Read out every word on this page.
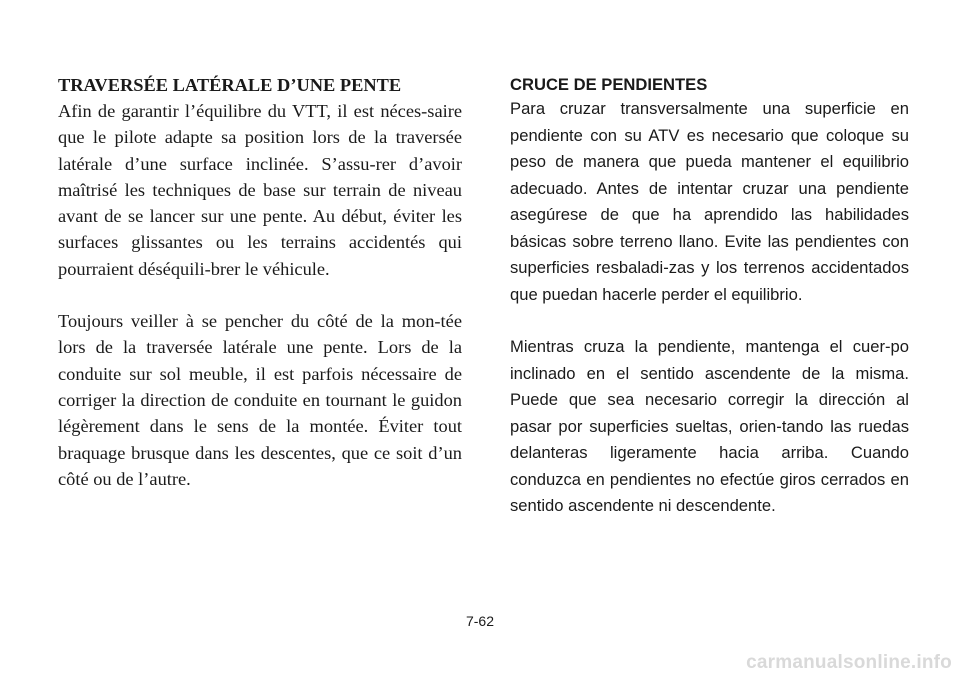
TRAVERSÉE LATÉRALE D’UNE PENTE

Afin de garantir l’équilibre du VTT, il est néces-saire que le pilote adapte sa position lors de la traversée latérale d’une surface inclinée. S’assu-rer d’avoir maîtrisé les techniques de base sur terrain de niveau avant de se lancer sur une pente. Au début, éviter les surfaces glissantes ou les terrains accidentés qui pourraient déséquili-brer le véhicule.

Toujours veiller à se pencher du côté de la mon-tée lors de la traversée latérale une pente. Lors de la conduite sur sol meuble, il est parfois nécessaire de corriger la direction de conduite en tournant le guidon légèrement dans le sens de la montée. Éviter tout braquage brusque dans les descentes, que ce soit d’un côté ou de l’autre.

CRUCE DE PENDIENTES

Para cruzar transversalmente una superficie en pendiente con su ATV es necesario que coloque su peso de manera que pueda mantener el equilibrio adecuado. Antes de intentar cruzar una pendiente asegúrese de que ha aprendido las habilidades básicas sobre terreno llano. Evite las pendientes con superficies resbaladi-zas y los terrenos accidentados que puedan hacerle perder el equilibrio.

Mientras cruza la pendiente, mantenga el cuer-po inclinado en el sentido ascendente de la misma. Puede que sea necesario corregir la dirección al pasar por superficies sueltas, orien-tando las ruedas delanteras ligeramente hacia arriba. Cuando conduzca en pendientes no efectúe giros cerrados en sentido ascendente ni descendente.

7-62
carmanualsonline.info
